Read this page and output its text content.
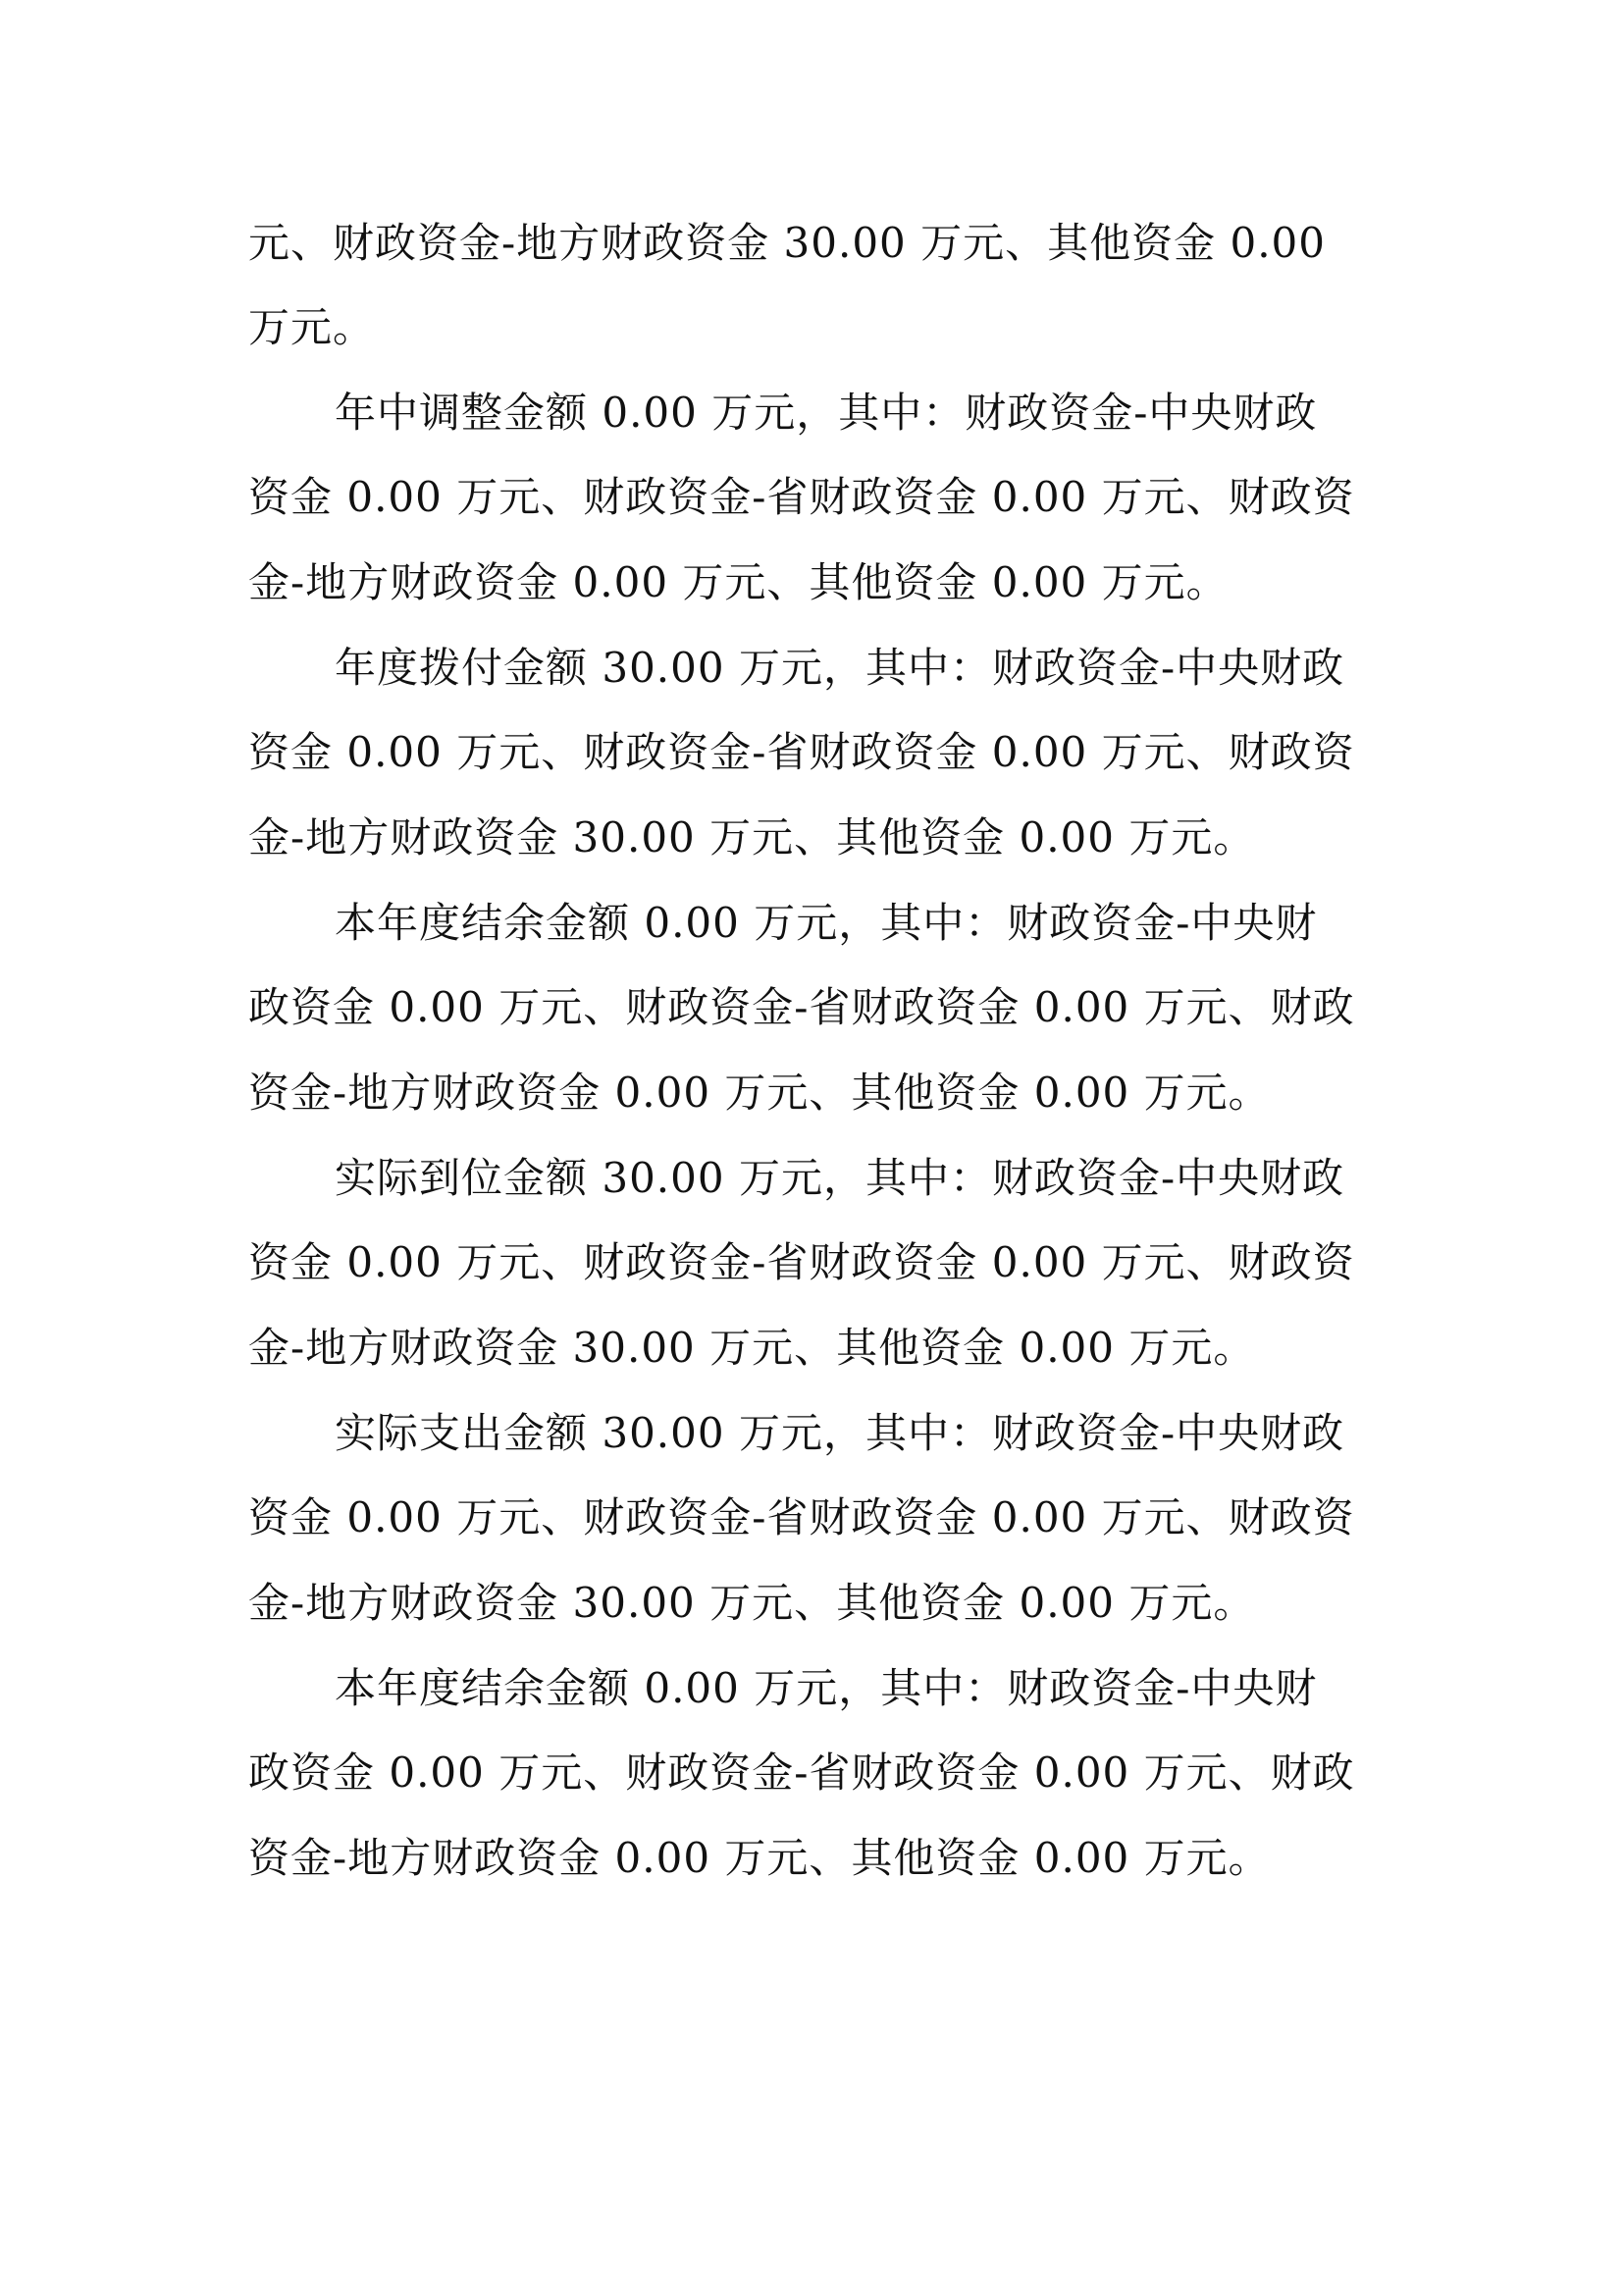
元、财政资金-地方财政资金 30.00 万元、其他资金 0.00
万元。
年中调整金额 0.00 万元，其中：财政资金-中央财政
资金 0.00 万元、财政资金-省财政资金 0.00 万元、财政资
金-地方财政资金 0.00 万元、其他资金 0.00 万元。
年度拨付金额 30.00 万元，其中：财政资金-中央财政
资金 0.00 万元、财政资金-省财政资金 0.00 万元、财政资
金-地方财政资金 30.00 万元、其他资金 0.00 万元。
本年度结余金额 0.00 万元，其中：财政资金-中央财
政资金 0.00 万元、财政资金-省财政资金 0.00 万元、财政
资金-地方财政资金 0.00 万元、其他资金 0.00 万元。
实际到位金额 30.00 万元，其中：财政资金-中央财政
资金 0.00 万元、财政资金-省财政资金 0.00 万元、财政资
金-地方财政资金 30.00 万元、其他资金 0.00 万元。
实际支出金额 30.00 万元，其中：财政资金-中央财政
资金 0.00 万元、财政资金-省财政资金 0.00 万元、财政资
金-地方财政资金 30.00 万元、其他资金 0.00 万元。
本年度结余金额 0.00 万元，其中：财政资金-中央财
政资金 0.00 万元、财政资金-省财政资金 0.00 万元、财政
资金-地方财政资金 0.00 万元、其他资金 0.00 万元。
